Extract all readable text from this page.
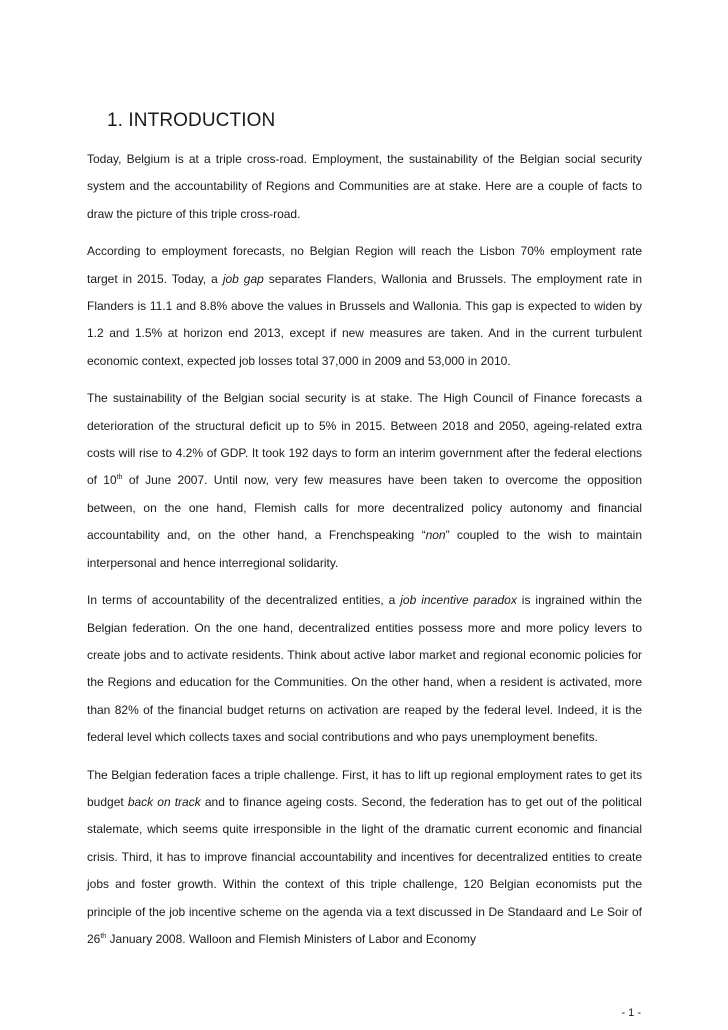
1. INTRODUCTION

Today, Belgium is at a triple cross-road. Employment, the sustainability of the Belgian social security system and the accountability of Regions and Communities are at stake. Here are a couple of facts to draw the picture of this triple cross-road.

According to employment forecasts, no Belgian Region will reach the Lisbon 70% employment rate target in 2015. Today, a job gap separates Flanders, Wallonia and Brussels. The employment rate in Flanders is 11.1 and 8.8% above the values in Brussels and Wallonia. This gap is expected to widen by 1.2 and 1.5% at horizon end 2013, except if new measures are taken. And in the current turbulent economic context, expected job losses total 37,000 in 2009 and 53,000 in 2010.

The sustainability of the Belgian social security is at stake. The High Council of Finance forecasts a deterioration of the structural deficit up to 5% in 2015. Between 2018 and 2050, ageing-related extra costs will rise to 4.2% of GDP. It took 192 days to form an interim government after the federal elections of 10th of June 2007. Until now, very few measures have been taken to overcome the opposition between, on the one hand, Flemish calls for more decentralized policy autonomy and financial accountability and, on the other hand, a Frenchspeaking “non” coupled to the wish to maintain interpersonal and hence interregional solidarity.

In terms of accountability of the decentralized entities, a job incentive paradox is ingrained within the Belgian federation. On the one hand, decentralized entities possess more and more policy levers to create jobs and to activate residents. Think about active labor market and regional economic policies for the Regions and education for the Communities. On the other hand, when a resident is activated, more than 82% of the financial budget returns on activation are reaped by the federal level. Indeed, it is the federal level which collects taxes and social contributions and who pays unemployment benefits.

The Belgian federation faces a triple challenge. First, it has to lift up regional employment rates to get its budget back on track and to finance ageing costs. Second, the federation has to get out of the political stalemate, which seems quite irresponsible in the light of the dramatic current economic and financial crisis. Third, it has to improve financial accountability and incentives for decentralized entities to create jobs and foster growth. Within the context of this triple challenge, 120 Belgian economists put the principle of the job incentive scheme on the agenda via a text discussed in De Standaard and Le Soir of 26th January 2008. Walloon and Flemish Ministers of Labor and Economy

- 1 -
